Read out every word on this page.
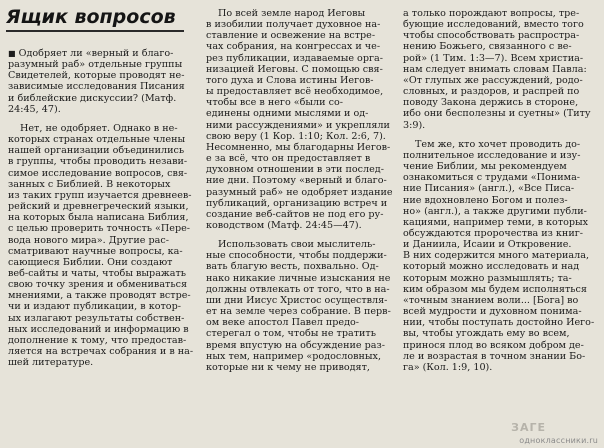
Ящик вопросов
■ Одобряет ли «верный и благо-
разумный раб» отдельные группы
Свидетелей, которые проводят не-
зависимые исследования Писания
и библейские дискуссии? (Матф.
24:45, 47).
Нет, не одобряет. Однако в не-
которых странах отдельные члены
нашей организации объединились
в группы, чтобы проводить незави-
симое исследование вопросов, свя-
занных с Библией. В некоторых
из таких групп изучается древнеев-
рейский и древнегреческий языки,
на которых была написана Библия,
с целью проверить точность «Пере-
вода нового мира». Другие рас-
сматривают научные вопросы, ка-
сающиеся Библии. Они создают
веб-сайты и чаты, чтобы выражать
свою точку зрения и обмениваться
мнениями, а также проводят встре-
чи и издают публикации, в котор-
ых излагают результаты собствен-
ных исследований и информацию в
дополнение к тому, что предостав-
ляется на встречах собрания и в на-
шей литературе.
По всей земле народ Иеговы
в изобилии получает духовное на-
ставление и освежение на встре-
чах собрания, на конгрессах и че-
рез публикации, издаваемые орга-
низацией Иеговы. С помощью свя-
того духа и Слова истины Иегов-
ы предоставляет всё необходимое,
чтобы все в него «были со-
единены одними мыслями и од-
ними рассуждениями» и укрепляли
свою веру (1 Кор. 1:10; Кол. 2:6, 7).
Несомненно, мы благодарны Иегов-
е за всё, что он предоставляет в
духовном отношении в эти послед-
ние дни. Поэтому «верный и благо-
разумный раб» не одобряет издание
публикаций, организацию встреч и
создание веб-сайтов не под его ру-
ководством (Матф. 24:45—47).
Использовать свои мыслитель-
ные способности, чтобы поддержи-
вать благую весть, похвально. Од-
нако никакие личные изыскания не
должны отвлекать от того, что в на-
ши дни Иисус Христос осуществля-
ет на земле через собрание. В перв-
ом веке апостол Павел предо-
стерегал о том, чтобы не тратить
время впустую на обсуждение раз-
ных тем, например «родословных,
которые ни к чему не приводят,
а только порождают вопросы, тре-
бующие исследований, вместо того
чтобы способствовать распростра-
нению Божьего, связанного с ве-
рой» (1 Тим. 1:3—7). Всем христиа-
нам следует внимать словам Павла:
«От глупых же рассуждений, родо-
словных, и раздоров, и распрей по
поводу Закона держись в стороне,
ибо они бесполезны и суетны» (Титу
3:9).
Тем же, кто хочет проводить до-
полнительное исследование и изу-
чение Библии, мы рекомендуем
ознакомиться с трудами «Понима-
ние Писания» (англ.), «Все Писа-
ние вдохновлено Богом и полез-
но» (англ.), а также другими публи-
кациями, например теми, в которых
обсуждаются пророчества из книг-
и Даниила, Исаии и Откровение.
В них содержится много материала,
который можно исследовать и над
которым можно размышлять; та-
ким образом мы будем исполняться
«точным знанием воли... [Бога] во
всей мудрости и духовном понима-
нии, чтобы поступать достойно Иего-
вы, чтобы угождать ему во всем,
принося плод во всяком добром де-
ле и возрастая в точном знании Бо-
га» (Кол. 1:9, 10).
ЗАГЕ
одноклассники.ru
